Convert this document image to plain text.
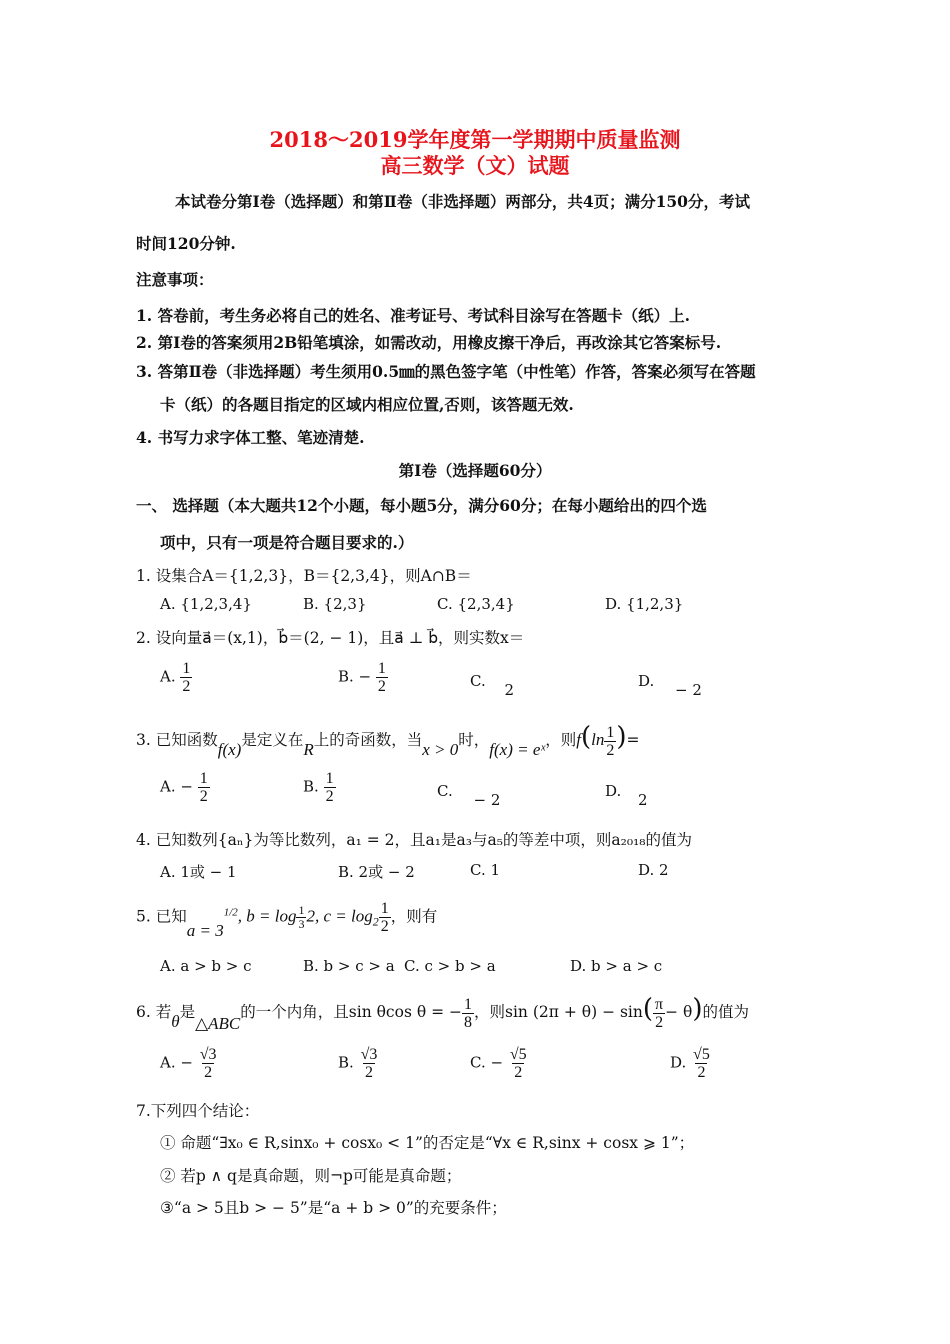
2018～2019学年度第一学期期中质量监测
高三数学（文）试题
本试卷分第Ⅰ卷（选择题）和第Ⅱ卷（非选择题）两部分，共4页；满分150分，考试
时间120分钟.
注意事项：
1. 答卷前，考生务必将自己的姓名、准考证号、考试科目涂写在答题卡（纸）上.
2. 第Ⅰ卷的答案须用2B铅笔填涂，如需改动，用橡皮擦干净后，再改涂其它答案标号.
3. 答第Ⅱ卷（非选择题）考生须用0.5㎜的黑色签字笔（中性笔）作答，答案必须写在答题
卡（纸）的各题目指定的区域内相应位置,否则，该答题无效.
4. 书写力求字体工整、笔迹清楚.
第Ⅰ卷（选择题60分）
一、 选择题（本大题共12个小题，每小题5分，满分60分；在每小题给出的四个选
项中，只有一项是符合题目要求的.）
1. 设集合A＝{1,2,3}，B＝{2,3,4}，则A∩B＝
A. {1,2,3,4}	B. {2,3}	C. {2,3,4}	D. {1,2,3}
2. 设向量a⃗＝(x,1)，b⃗＝(2, − 1)，且a⃗ ⊥ b⃗，则实数x＝
A. $\frac{1}{2}$	B. − $\frac{1}{2}$	C. 2	D. − 2
3. 已知函数f(x)是定义在R上的奇函数，当x > 0时，f(x) = eˣ，则$f(\ln \frac{1}{2}$ )=
A. − $\frac{1}{2}$	B. $\frac{1}{2}$	C. − 2	D. 2
4. 已知数列{aₙ}为等比数列，a₁ = 2，且a₁是a₃与a₅的等差中项，则a₂₀₁₈的值为
A. 1或 − 1	B. 2或 − 2	C. 1	D. 2
5. 已知$a = 3^{1/2}$, $b = \log \frac{1}{3} 2$, $c = \log_2 \frac{1}{2}$ ，则有
A. a > b > c	B. b > c > a C. c > b > a	D. b > a > c
6. 若θ是△ABC的一个内角，且sin θcos θ = − $\frac{1}{8}$ ，则$\sin (2\pi + \theta) - \sin( \frac{\pi}{2} - \theta)$的值为
A. − $\frac{√3}{2}$	B. $\frac{√3}{2}$	C. − $\frac{√5}{2}$	D. $\frac{√5}{2}$
7.下列四个结论：
① 命题“∃x₀ ∈ R,sinx₀ + cosx₀ < 1”的否定是“∀x ∈ R,sinx + cosx ⩾ 1”；
② 若p ∧ q是真命题，则¬p可能是真命题；
③“a > 5且b > − 5”是“a + b > 0”的充要条件；
